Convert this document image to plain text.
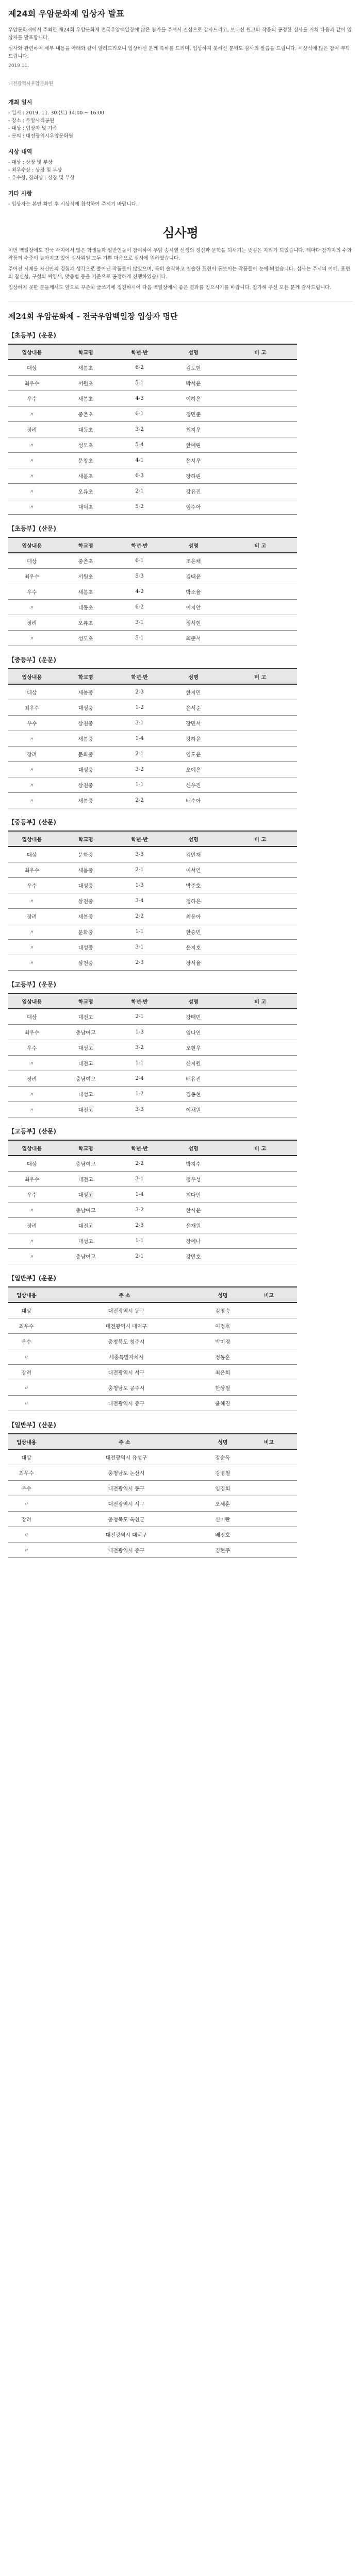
제24회 우암문화제 입상자 발표

우암문화재에서 주최한 제24회 우암문화제 전국우암백일장에 많은 참가를 주셔서 진심으로 감사드리고, 보내신 원고와 작품의 공정한 심사를 거쳐 다음과 같이 입상자를 발표합니다.

심사와 관련하여 세부 내용을 아래와 같이 알려드리오니 입상하신 분께 축하를 드리며, 입상하지 못하신 분께도 감사의 말씀을 드립니다. 시상식에 많은 참여 부탁드립니다.

2019.11.
대전광역시우암문화원
개최 일시
- 일시 : 2019. 11. 30.(토) 14:00 ~ 16:00
- 장소 : 우암사적공원
- 대상 : 입상자 및 가족
- 문의 : 대전광역시우암문화원
시상 내역
- 대상 : 상장 및 부상
- 최우수상 : 상장 및 부상
- 우수상, 장려상 : 상장 및 부상
기타 사항
- 입상자는 본인 확인 후 시상식에 참석하여 주시기 바랍니다.
심사평

이번 백일장에도 전국 각지에서 많은 학생들과 일반인들이 참여하여 우암 송시열 선생의 정신과 문학을 되새기는 뜻깊은 자리가 되었습니다. 해마다 참가자의 수와 작품의 수준이 높아지고 있어 심사위원 모두 기쁜 마음으로 심사에 임하였습니다.

주어진 시제를 자신만의 경험과 생각으로 풀어낸 작품들이 많았으며, 특히 솔직하고 진솔한 표현이 돋보이는 작품들이 눈에 띄었습니다. 심사는 주제의 이해, 표현의 참신성, 구성의 짜임새, 맞춤법 등을 기준으로 공정하게 진행하였습니다.

입상하지 못한 분들께서도 앞으로 꾸준히 글쓰기에 정진하시어 다음 백일장에서 좋은 결과를 얻으시기를 바랍니다. 참가해 주신 모든 분께 감사드립니다.

제24회 우암문화제 - 전국우암백일장 입상자 명단
【초등부】(운문)
입상내용	학교명	학년·반	성명	비 고
대상	새봄초	6-2	김도현	
최우수	서원초	5-1	박서윤	
우수	새봄초	4-3	이하은	
〃	중촌초	6-1	정민준	
장려	대동초	3-2	최지우	
〃	성모초	5-4	한예린	
〃	문창초	4-1	윤시우	
〃	새봄초	6-3	장하린	
〃	오류초	2-1	강유진	
〃	대덕초	5-2	임수아	
【초등부】(산문)
입상내용	학교명	학년·반	성명	비 고
대상	중촌초	6-1	조은채	
최우수	서원초	5-3	김태윤	
우수	새봄초	4-2	박소율	
〃	대동초	6-2	이지안	
장려	오류초	3-1	정서현	
〃	성모초	5-1	최준서	
【중등부】(운문)
입상내용	학교명	학년·반	성명	비 고
대상	새봄중	2-3	한지민	
최우수	대성중	1-2	윤서준	
우수	삼천중	3-1	장민서	
〃	새봄중	1-4	강하윤	
장려	문화중	2-1	임도윤	
〃	대성중	3-2	오예은	
〃	삼천중	1-1	신우진	
〃	새봄중	2-2	배수아	
【중등부】(산문)
입상내용	학교명	학년·반	성명	비 고
대상	문화중	3-3	김민재	
최우수	새봄중	2-1	이서연	
우수	대성중	1-3	박준호	
〃	삼천중	3-4	정하은	
장려	새봄중	2-2	최윤아	
〃	문화중	1-1	한승민	
〃	대성중	3-1	윤지호	
〃	삼천중	2-3	장서율	
【고등부】(운문)
입상내용	학교명	학년·반	성명	비 고
대상	대전고	2-1	강태민	
최우수	충남여고	1-3	임나연	
우수	대성고	3-2	오현우	
〃	대전고	1-1	신지원	
장려	충남여고	2-4	배유진	
〃	대성고	1-2	김동현	
〃	대전고	3-3	이채원	
【고등부】(산문)
입상내용	학교명	학년·반	성명	비 고
대상	충남여고	2-2	박지수	
최우수	대전고	3-1	정우성	
우수	대성고	1-4	최다인	
〃	충남여고	3-2	한시윤	
장려	대전고	2-3	윤재원	
〃	대성고	1-1	장예나	
〃	충남여고	2-1	강민호	
【일반부】(운문)
입상내용	주 소	성명	비고
대상	대전광역시 동구	김영숙	
최우수	대전광역시 대덕구	이정호	
우수	충청북도 청주시	박미경	
〃	세종특별자치시	정동훈	
장려	대전광역시 서구	최은희	
〃	충청남도 공주시	한상철	
〃	대전광역시 중구	윤혜진	
【일반부】(산문)
입상내용	주 소	성명	비고
대상	대전광역시 유성구	장순옥	
최우수	충청남도 논산시	강병철	
우수	대전광역시 동구	임경희	
〃	대전광역시 서구	오세훈	
장려	충청북도 옥천군	신미란	
〃	대전광역시 대덕구	배정호	
〃	대전광역시 중구	김현주	
